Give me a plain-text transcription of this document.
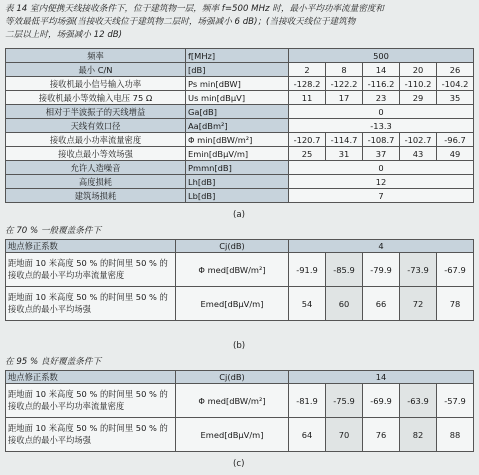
表 14 室内便携天线接收条件下，位于建筑物一层，频率 f=500 MHz 时，最小平均功率流量密度和
等效最低平均场强(当接收天线位于建筑物二层时，场强减小 6 dB)；(当接收天线位于建筑物
二层以上时，场强减小 12 dB)
频率	f[MHz]	500				
最小 C/N	[dB]	2	8	14	20	26
接收机最小信号输入功率	Ps min[dBW]	-128.2	-122.2	-116.2	-110.2	-104.2
接收机最小等效输入电压 75 Ω	Us min[dBμV]	11	17	23	29	35
相对于半波振子的天线增益	Ga[dB]	0				
天线有效口径	Aa[dBm²]	-13.3				
接收点最小功率流量密度	Φ min[dBW/m²]	-120.7	-114.7	-108.7	-102.7	-96.7
接收点最小等效场强	Emin[dBμV/m]	25	31	37	43	49
允许人造噪音	Pmmn[dB]	0				
高度损耗	Lh[dB]	12				
建筑场损耗	Lb[dB]	7				
(a)
在 70 % 一般覆盖条件下
地点修正系数	Cj(dB)	4				
距地面 10 米高度 50 % 的时间里 50 % 的接收点的最小平均功率流量密度	Φ med[dBW/m²]	-91.9	-85.9	-79.9	-73.9	-67.9
距地面 10 米高度 50 % 的时间里 50 % 的接收点的最小平均场强	Emed[dBμV/m]	54	60	66	72	78
(b)
在 95 % 良好覆盖条件下
地点修正系数	Cj(dB)	14				
距地面 10 米高度 50 % 的时间里 50 % 的接收点的最小平均功率流量密度	Φ med[dBW/m²]	-81.9	-75.9	-69.9	-63.9	-57.9
距地面 10 米高度 50 % 的时间里 50 % 的接收点的最小平均场强	Emed[dBμV/m]	64	70	76	82	88
(c)
